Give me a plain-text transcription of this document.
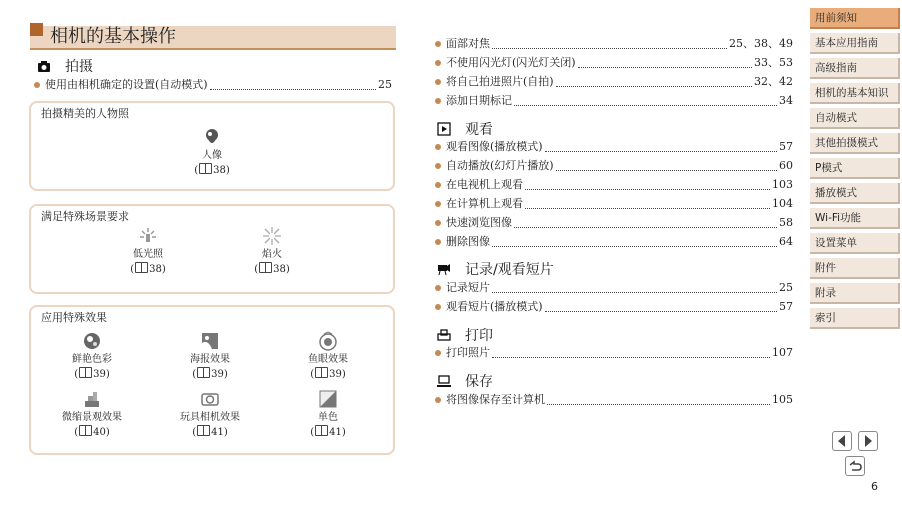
相机的基本操作
拍摄
使用由相机确定的设置(自动模式)	25
拍摄精美的人物照
人像
( 38)
满足特殊场景要求
低光照
( 38)
焰火
( 38)
应用特殊效果
鲜艳色彩
( 39)
海报效果
( 39)
鱼眼效果
( 39)
微缩景观效果
( 40)
玩具相机效果
( 41)
单色
( 41)
面部对焦	25、38、49
不使用闪光灯(闪光灯关闭)	33、53
将自己拍进照片(自拍)	32、42
添加日期标记	34
观看
观看图像(播放模式)	57
自动播放(幻灯片播放)	60
在电视机上观看	103
在计算机上观看	104
快速浏览图像	58
删除图像	64
记录/观看短片
记录短片	25
观看短片(播放模式)	57
打印
打印照片	107
保存
将图像保存至计算机	105
用前须知
基本应用指南
高级指南
相机的基本知识
自动模式
其他拍摄模式
P模式
播放模式
Wi-Fi功能
设置菜单
附件
附录
索引
6
